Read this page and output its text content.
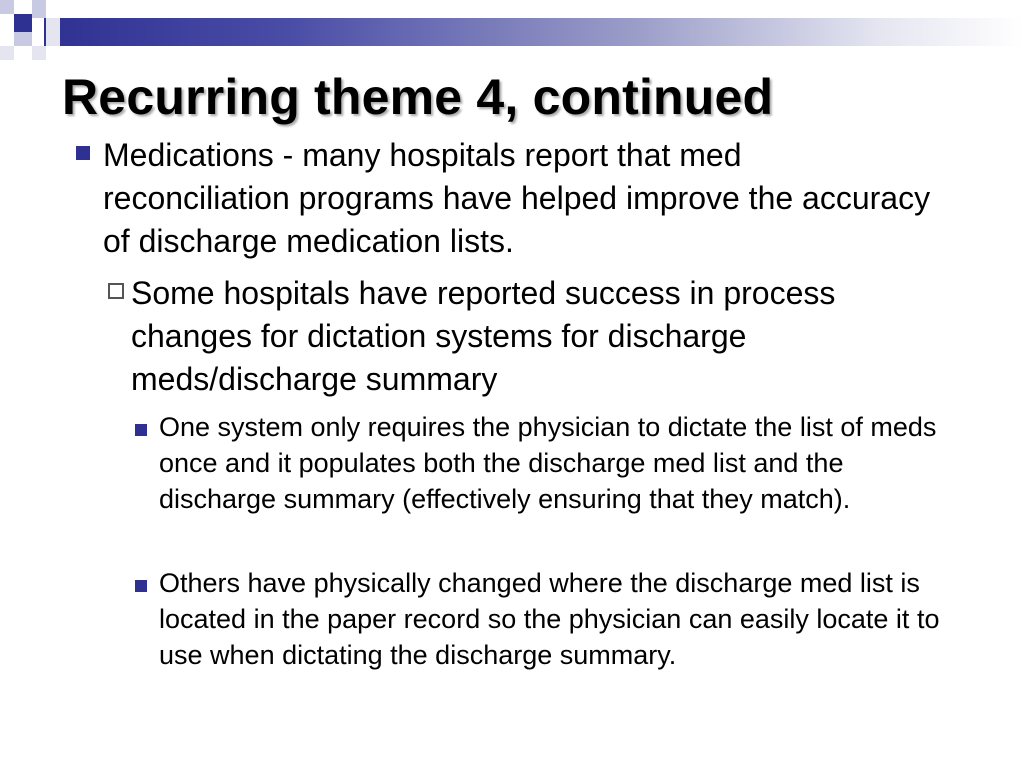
Recurring theme 4, continued

Medications - many hospitals report that med reconciliation programs have helped improve the accuracy of discharge medication lists.

Some hospitals have reported success in process changes for dictation systems for discharge meds/discharge summary

One system only requires the physician to dictate the list of meds once and it populates both the discharge med list and the discharge summary (effectively ensuring that they match).

Others have physically changed where the discharge med list is located in the paper record so the physician can easily locate it to use when dictating the discharge summary.
